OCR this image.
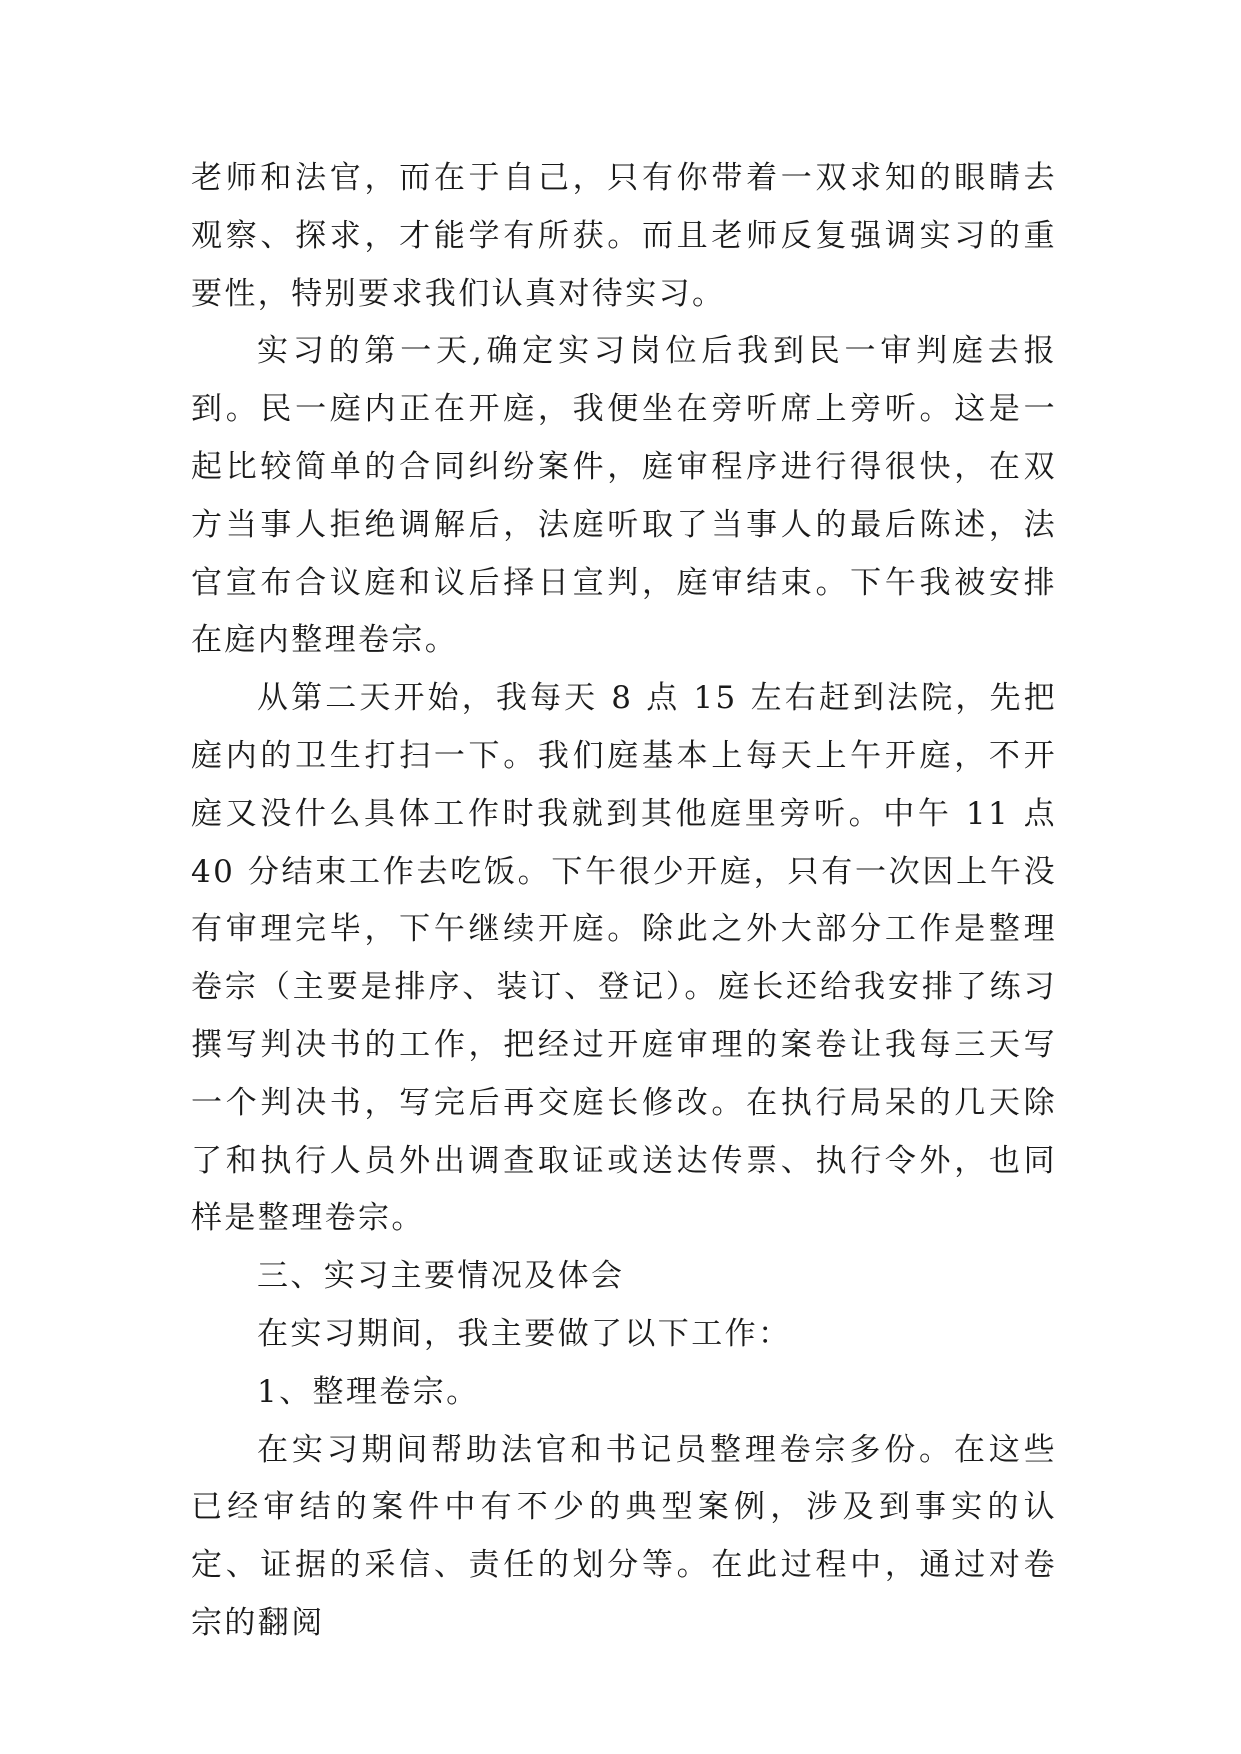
老师和法官，而在于自己，只有你带着一双求知的眼睛去观察、探求，才能学有所获。而且老师反复强调实习的重要性，特别要求我们认真对待实习。

实习的第一天,确定实习岗位后我到民一审判庭去报到。民一庭内正在开庭，我便坐在旁听席上旁听。这是一起比较简单的合同纠纷案件，庭审程序进行得很快，在双方当事人拒绝调解后，法庭听取了当事人的最后陈述，法官宣布合议庭和议后择日宣判，庭审结束。下午我被安排在庭内整理卷宗。

从第二天开始，我每天 8 点 15 左右赶到法院，先把庭内的卫生打扫一下。我们庭基本上每天上午开庭，不开庭又没什么具体工作时我就到其他庭里旁听。中午 11 点 40 分结束工作去吃饭。下午很少开庭，只有一次因上午没有审理完毕，下午继续开庭。除此之外大部分工作是整理卷宗（主要是排序、装订、登记）。庭长还给我安排了练习撰写判决书的工作，把经过开庭审理的案卷让我每三天写一个判决书，写完后再交庭长修改。在执行局呆的几天除了和执行人员外出调查取证或送达传票、执行令外，也同样是整理卷宗。

三、实习主要情况及体会

在实习期间，我主要做了以下工作：

1、整理卷宗。

在实习期间帮助法官和书记员整理卷宗多份。在这些已经审结的案件中有不少的典型案例，涉及到事实的认定、证据的采信、责任的划分等。在此过程中，通过对卷宗的翻阅
